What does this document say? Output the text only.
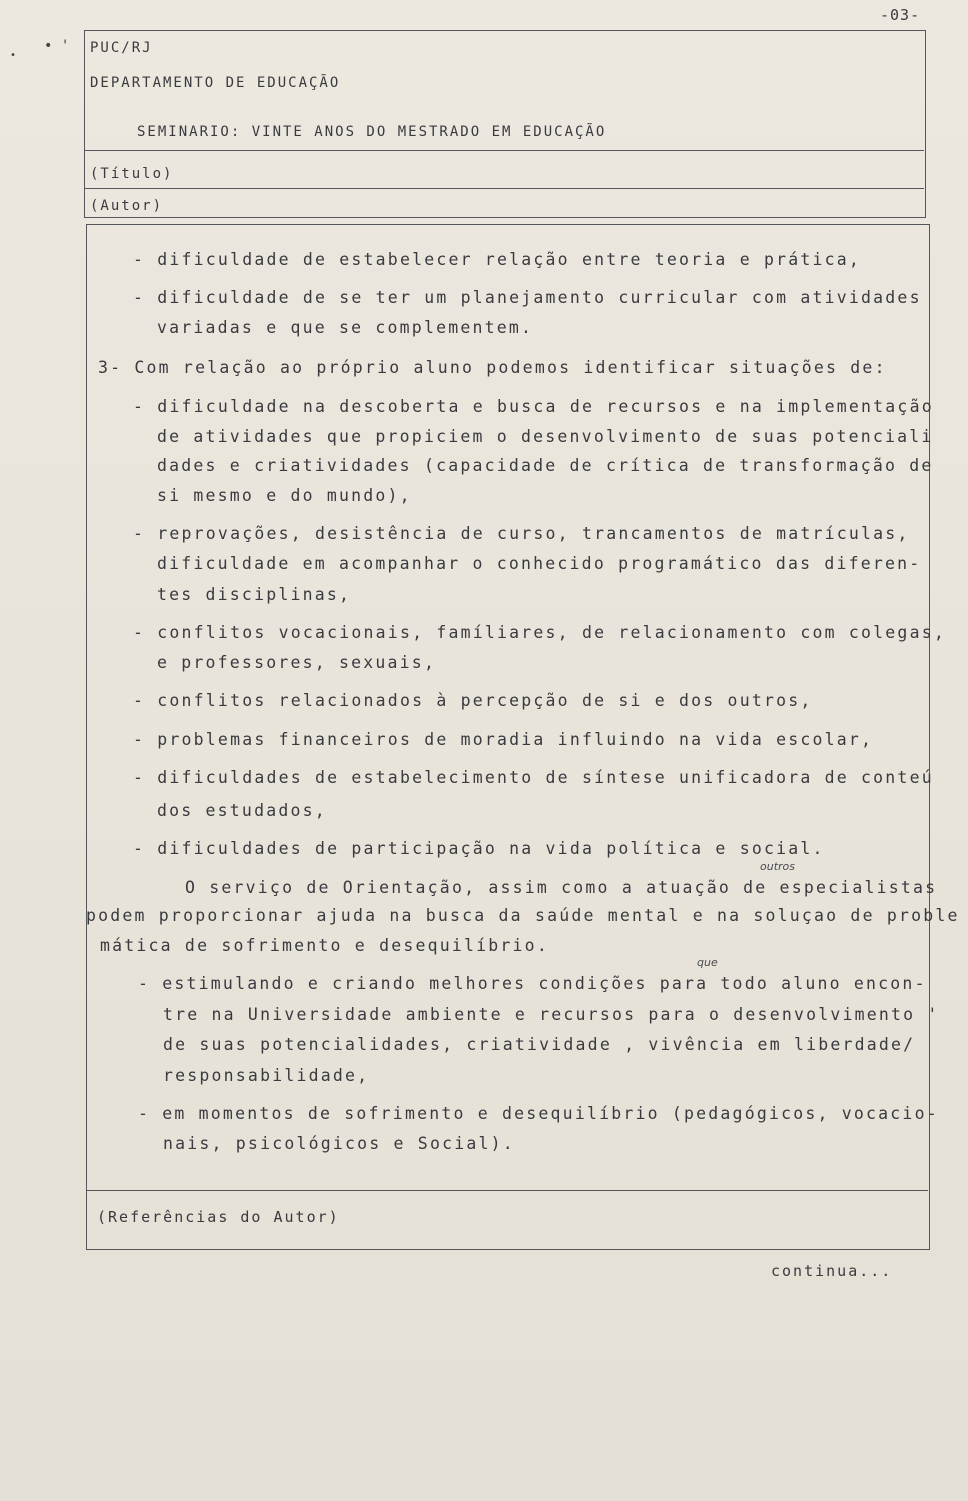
• '
•
-03-
PUC/RJ
DEPARTAMENTO DE EDUCAÇÃO
SEMINARIO: VINTE ANOS DO MESTRADO EM EDUCAÇÃO
(Título)
(Autor)
- dificuldade de estabelecer relação entre teoria e prática,
- dificuldade de se ter um planejamento curricular com atividades
variadas e que se complementem.
3- Com relação ao próprio aluno podemos identificar situações de:
- dificuldade na descoberta e busca de recursos e na implementação
de atividades que propiciem o desenvolvimento de suas potenciali
dades e criatividades (capacidade de crítica de transformação de
si mesmo e do mundo),
- reprovações, desistência de curso, trancamentos de matrículas,
dificuldade em acompanhar o conhecido programático das diferen-
tes disciplinas,
- conflitos vocacionais, famíliares, de relacionamento com colegas,
e professores, sexuais,
- conflitos relacionados à percepção de si e dos outros,
- problemas financeiros de moradia influindo na vida escolar,
- dificuldades de estabelecimento de síntese unificadora de conteú
dos estudados,
- dificuldades de participação na vida política e social.
outros
O serviço de Orientação, assim como a atuação de especialistas
podem proporcionar ajuda na busca da saúde mental e na soluçao de proble
mática de sofrimento e desequilíbrio.
que
- estimulando e criando melhores condições para todo aluno encon-
tre na Universidade ambiente e recursos para o desenvolvimento '
de suas potencialidades, criatividade , vivência em liberdade/
responsabilidade,
- em momentos de sofrimento e desequilíbrio (pedagógicos, vocacio-
nais, psicológicos e Social).
(Referências do Autor)
continua...
